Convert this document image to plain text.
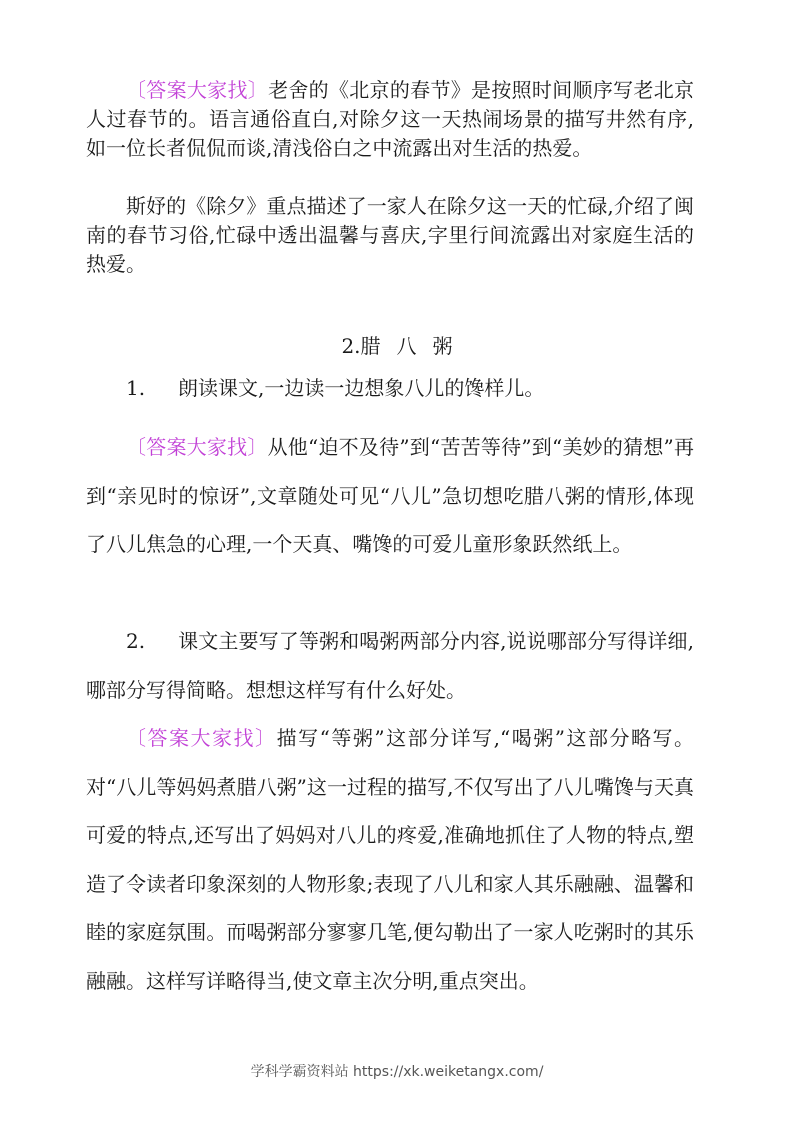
〔答案大家找〕老舍的《北京的春节》是按照时间顺序写老北京人过春节的。语言通俗直白,对除夕这一天热闹场景的描写井然有序,如一位长者侃侃而谈,清浅俗白之中流露出对生活的热爱。

斯妤的《除夕》重点描述了一家人在除夕这一天的忙碌,介绍了闽南的春节习俗,忙碌中透出温馨与喜庆,字里行间流露出对家庭生活的热爱。

2.腊 八 粥

1. 朗读课文,一边读一边想象八儿的馋样儿。

〔答案大家找〕从他“迫不及待”到“苦苦等待”到“美妙的猜想”再到“亲见时的惊讶”,文章随处可见“八儿”急切想吃腊八粥的情形,体现了八儿焦急的心理,一个天真、嘴馋的可爱儿童形象跃然纸上。

2. 课文主要写了等粥和喝粥两部分内容,说说哪部分写得详细,哪部分写得简略。想想这样写有什么好处。

〔答案大家找〕描写“等粥”这部分详写,“喝粥”这部分略写。对“八儿等妈妈煮腊八粥”这一过程的描写,不仅写出了八儿嘴馋与天真可爱的特点,还写出了妈妈对八儿的疼爱,准确地抓住了人物的特点,塑造了令读者印象深刻的人物形象;表现了八儿和家人其乐融融、温馨和睦的家庭氛围。而喝粥部分寥寥几笔,便勾勒出了一家人吃粥时的其乐融融。这样写详略得当,使文章主次分明,重点突出。

学科学霸资料站 https://xk.weiketangx.com/
